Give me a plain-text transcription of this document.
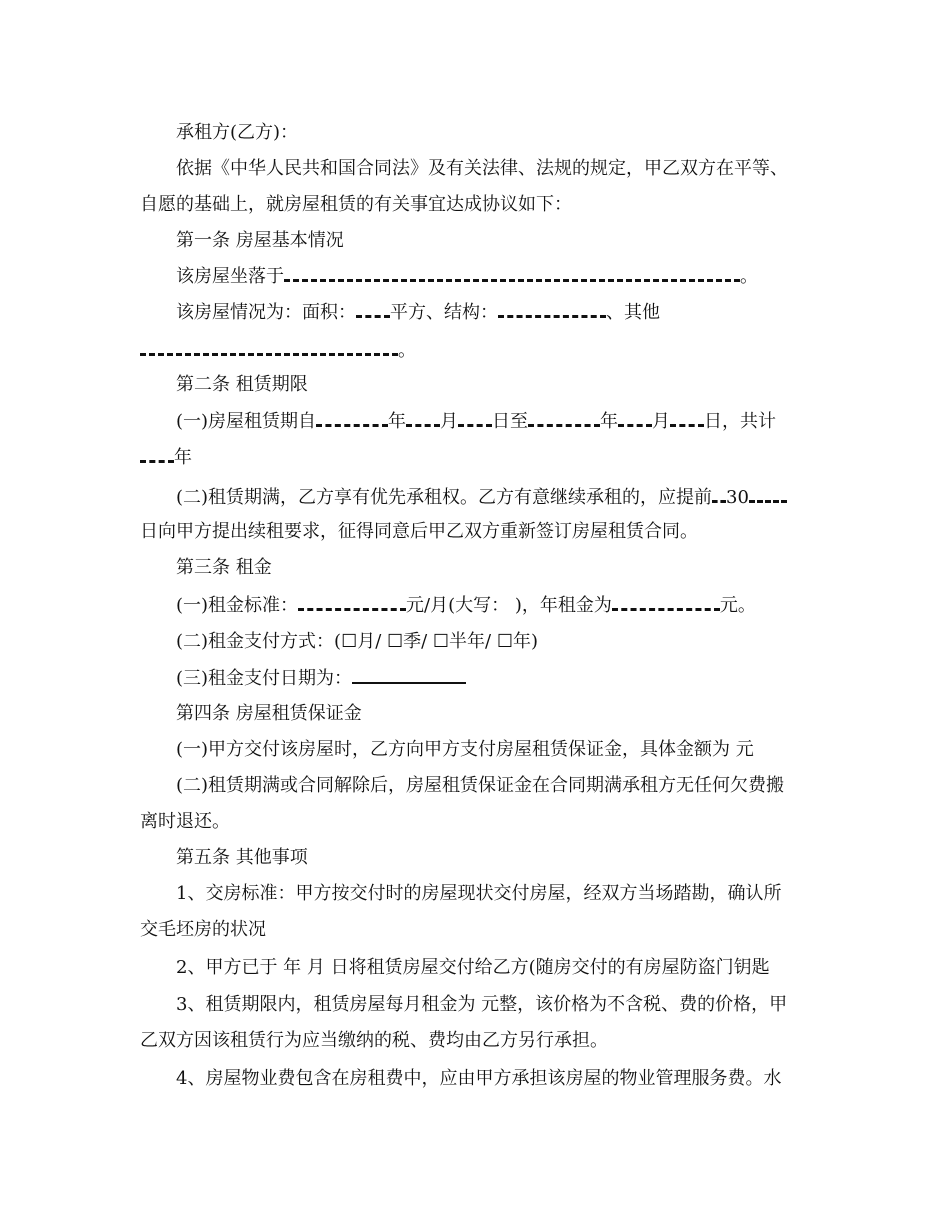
承租方(乙方)：
依据《中华人民共和国合同法》及有关法律、法规的规定，甲乙双方在平等、
自愿的基础上，就房屋租赁的有关事宜达成协议如下：
第一条 房屋基本情况
该房屋坐落于	。
该房屋情况为：面积： 平方、结构：	、其他
。
第二条 租赁期限
(一)房屋租赁期自	年 月 日至	年 月 日，共计
年
(二)租赁期满，乙方享有优先承租权。乙方有意继续承租的，应提前 30
日向甲方提出续租要求，征得同意后甲乙双方重新签订房屋租赁合同。
第三条 租金
(一)租金标准：	元/月(大写： )，年租金为	元。
(二)租金支付方式：(☐月/ ☐季/ ☐半年/ ☐年)
(三)租金支付日期为：
第四条 房屋租赁保证金
(一)甲方交付该房屋时，乙方向甲方支付房屋租赁保证金，具体金额为 元
(二)租赁期满或合同解除后，房屋租赁保证金在合同期满承租方无任何欠费搬
离时退还。
第五条 其他事项
1、交房标准：甲方按交付时的房屋现状交付房屋，经双方当场踏勘，确认所
交毛坯房的状况
2、甲方已于 年 月 日将租赁房屋交付给乙方(随房交付的有房屋防盗门钥匙
3、租赁期限内，租赁房屋每月租金为 元整，该价格为不含税、费的价格，甲
乙双方因该租赁行为应当缴纳的税、费均由乙方另行承担。
4、房屋物业费包含在房租费中，应由甲方承担该房屋的物业管理服务费。水
